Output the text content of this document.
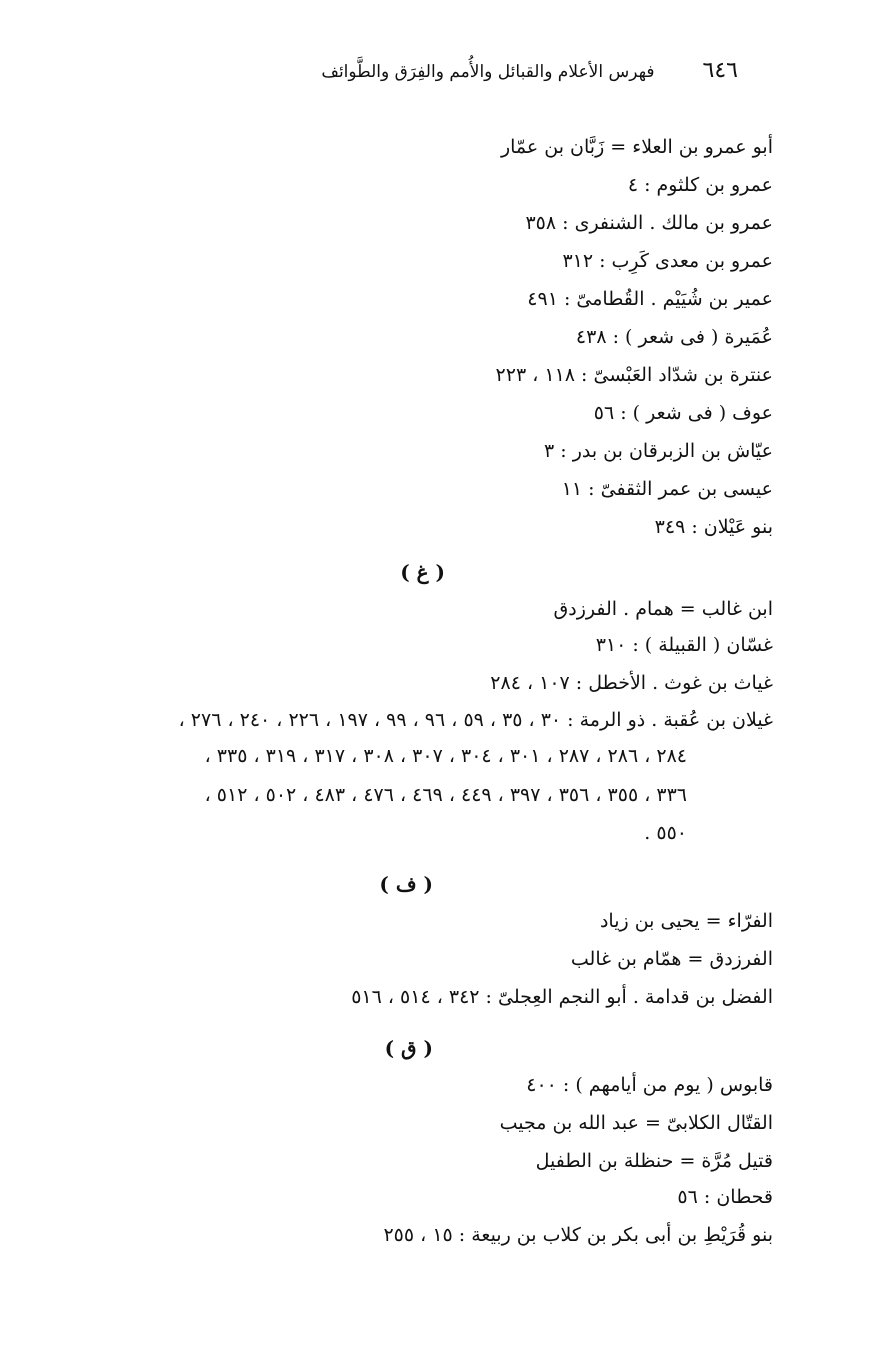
٦٤٦
فهرس الأعلام والقبائل والأُمم والفِرَق والطَّوائف
أبو عمرو بن العلاء = زَبَّان بن عمّار
عمرو بن كلثوم : ٤
عمرو بن مالك . الشنفرى : ٣٥٨
عمرو بن معدى كَرِب : ٣١٢
عمير بن شُيَيْم . القُطامىّ : ٤٩١
عُمَيرة ( فى شعر ) : ٤٣٨
عنترة بن شدّاد العَبْسىّ : ١١٨ ، ٢٢٣
عوف ( فى شعر ) : ٥٦
عيّاش بن الزبرقان بن بدر : ٣
عيسى بن عمر الثقفىّ : ١١
بنو عَيْلان : ٣٤٩
( غ )
ابن غالب = همام . الفرزدق
غسّان ( القبيلة ) : ٣١٠
غياث بن غوث . الأخطل : ١٠٧ ، ٢٨٤
غيلان بن عُقبة . ذو الرمة : ٣٠ ، ٣٥ ، ٥٩ ، ٩٦ ، ٩٩ ، ١٩٧ ، ٢٢٦ ، ٢٤٠ ، ٢٧٦ ،
٢٨٤ ، ٢٨٦ ، ٢٨٧ ، ٣٠١ ، ٣٠٤ ، ٣٠٧ ، ٣٠٨ ، ٣١٧ ، ٣١٩ ، ٣٣٥ ،
٣٣٦ ، ٣٥٥ ، ٣٥٦ ، ٣٩٧ ، ٤٤٩ ، ٤٦٩ ، ٤٧٦ ، ٤٨٣ ، ٥٠٢ ، ٥١٢ ،
٥٥٠ .
( ف )
الفرّاء = يحيى بن زياد
الفرزدق = همّام بن غالب
الفضل بن قدامة . أبو النجم العِجلىّ : ٣٤٢ ، ٥١٤ ، ٥١٦
( ق )
قابوس ( يوم من أيامهم ) : ٤٠٠
القتّال الكلابىّ = عبد الله بن مجيب
قتيل مُرَّة = حنظلة بن الطفيل
قحطان : ٥٦
بنو قُرَيْطِ بن أبى بكر بن كلاب بن ربيعة : ١٥ ، ٢٥٥
